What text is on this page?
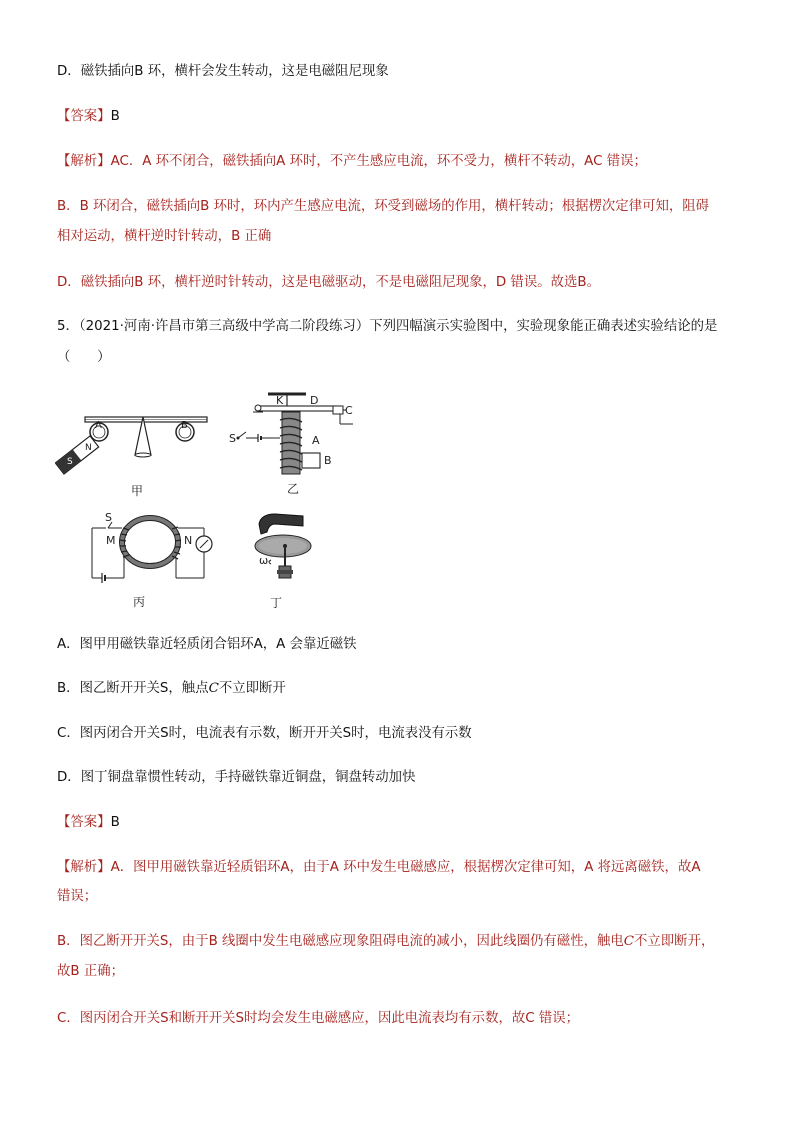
D．磁铁插向B 环，横杆会发生转动，这是电磁阻尼现象
【答案】B
【解析】AC．A 环不闭合，磁铁插向A 环时，不产生感应电流，环不受力，横杆不转动，AC 错误；
B．B 环闭合，磁铁插向B 环时，环内产生感应电流，环受到磁场的作用，横杆转动；根据楞次定律可知，阻碍
相对运动，横杆逆时针转动，B 正确
D．磁铁插向B 环，横杆逆时针转动，这是电磁驱动，不是电磁阻尼现象，D 错误。故选B。
5．（2021·河南·许昌市第三高级中学高二阶段练习）下列四幅演示实验图中，实验现象能正确表述实验结论的是
（　　）
A	B
S
N
甲
K D
C
S	A
B
乙
S
M	N
丙
ω
丁
A．图甲用磁铁靠近轻质闭合铝环A，A 会靠近磁铁
B．图乙断开开关S，触点C不立即断开
C．图丙闭合开关S时，电流表有示数，断开开关S时，电流表没有示数
D．图丁铜盘靠惯性转动，手持磁铁靠近铜盘，铜盘转动加快
【答案】B
【解析】A．图甲用磁铁靠近轻质铝环A，由于A 环中发生电磁感应，根据楞次定律可知，A 将远离磁铁，故A
错误；
B．图乙断开开关S，由于B 线圈中发生电磁感应现象阻碍电流的减小，因此线圈仍有磁性，触电C不立即断开，
故B 正确；
C．图丙闭合开关S和断开开关S时均会发生电磁感应，因此电流表均有示数，故C 错误；
